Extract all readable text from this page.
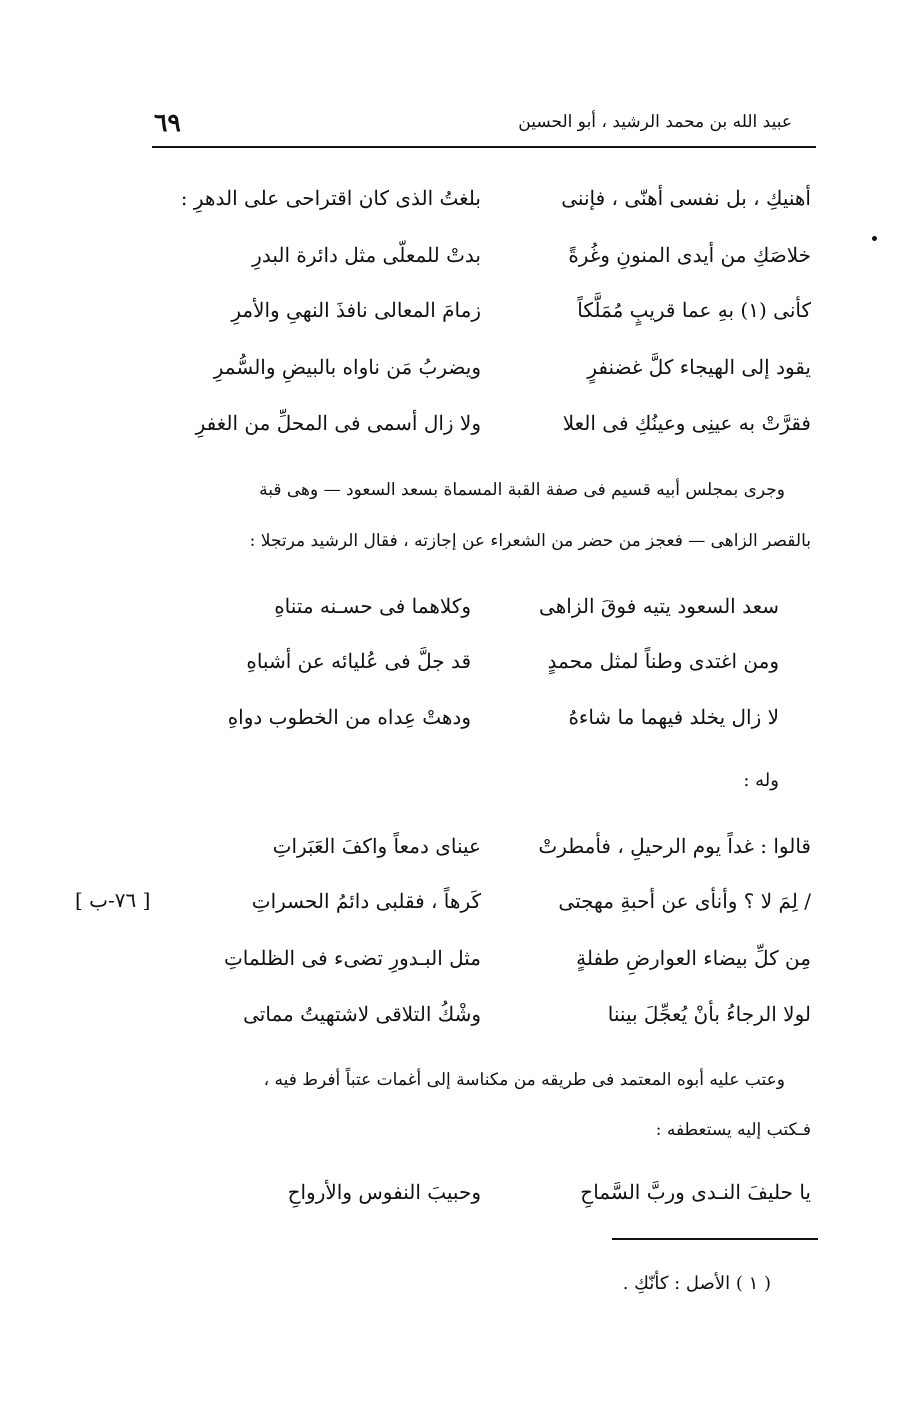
عبيد الله بن محمد الرشيد ، أبو الحسين
٦٩
أهنيكِ ، بل نفسى أهنّى ، فإننى
بلغتُ الذى كان اقتراحى على الدهرِ :
خلاصَكِ من أيدى المنونِ وغُرةً
بدتْ للمعلّى مثل دائرة البدرِ
كأنى (١) بهِ عما قريبٍ مُمَلَّكاً
زمامَ المعالى نافذَ النهىِ والأمرِ
يقود إلى الهيجاء كلَّ غضنفرٍ
ويضربُ مَن ناواه بالبيضِ والسُّمرِ
فقرَّتْ به عينِى وعينُكِ فى العلا
ولا زال أسمى فى المحلِّ من الغفرِ
وجرى بمجلس أبيه قسيم فى صفة القبة المسماة بسعد السعود — وهى قبة
بالقصر الزاهى — فعجز من حضر من الشعراء عن إجازته ، فقال الرشيد مرتجلا :
سعد السعود يتيه فوقَ الزاهى
وكلاهما فى حسـنه متناهِ
ومن اغتدى وطناً لمثل محمدٍ
قد جلَّ فى عُليائه عن أشباهِ
لا زال يخلد فيهما ما شاءهُ
ودهتْ عِداه من الخطوب دواهِ
وله :
قالوا : غداً يوم الرحيلِ ، فأمطرتْ
عيناى دمعاً واكفَ العَبَراتِ
/ لِمَ لا ؟ وأنأى عن أحبةِ مهجتى
كَرهاً ، فقلبى دائمُ الحسراتِ
مِن كلِّ بيضاء العوارضِ طفلةٍ
مثل البـدورِ تضىء فى الظلماتِ
لولا الرجاءُ بأنْ يُعجِّلَ بيننا
وشْكُ التلاقى لاشتهيتُ مماتى
[ ٧٦-ب ]
وعتب عليه أبوه المعتمد فى طريقه من مكناسة إلى أغمات عتباً أفرط فيه ،
فـكتب إليه يستعطفه :
يا حليفَ النـدى وربَّ السَّماحِ
وحبيبَ النفوس والأرواحِ
( ١ ) الأصل : كأنّكِ .
